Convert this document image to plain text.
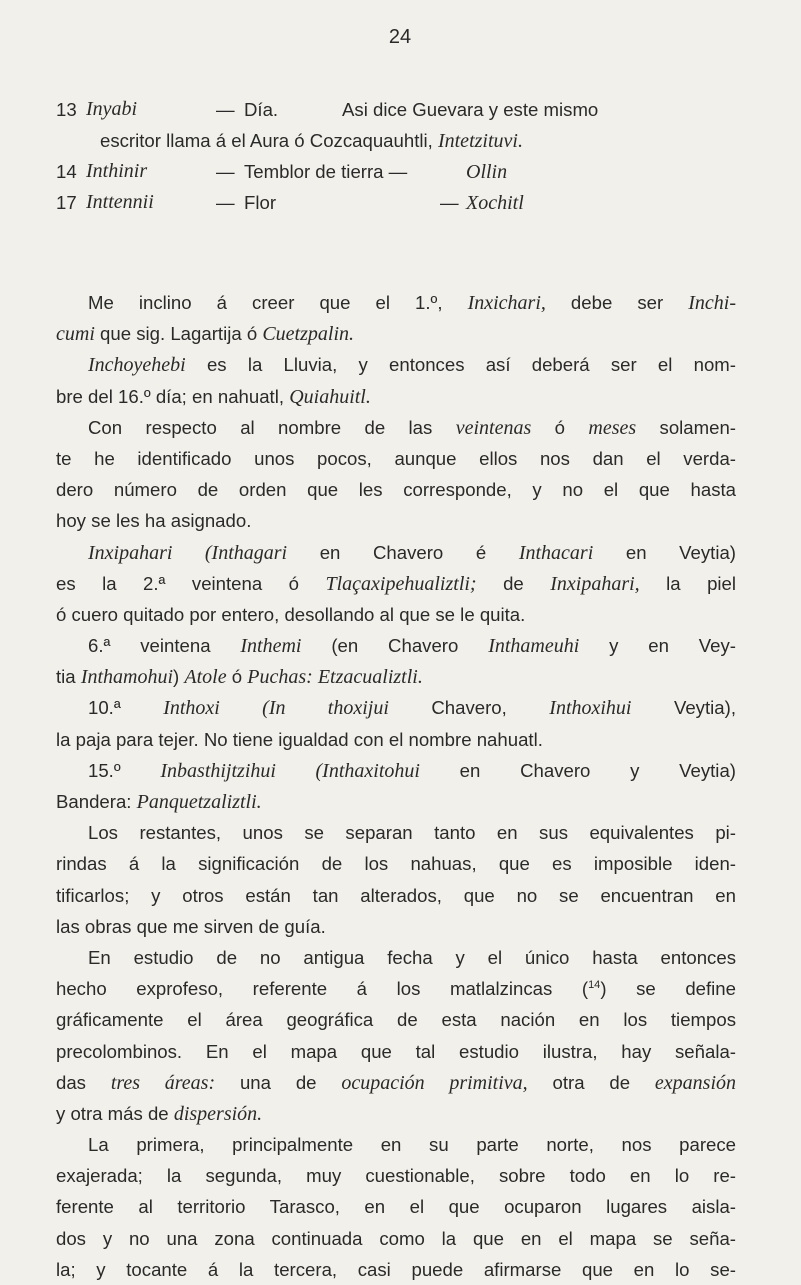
24
13 Inyabi	— Día.	Asi dice Guevara y este mismo
escritor llama á el Aura ó Cozcaquauhtli, Intetzituvi.
14 Inthinir	— Temblor de tierra —	Ollin
17 Inttennii	— Flor	— Xochitl
Me inclino á creer que el 1.º, Inxichari, debe ser Inchi-
cumi que sig. Lagartija ó Cuetzpalin.
Inchoyehebi es la Lluvia, y entonces así deberá ser el nom-
bre del 16.º día; en nahuatl, Quiahuitl.
Con respecto al nombre de las veintenas ó meses solamen-
te he identificado unos pocos, aunque ellos nos dan el verda-
dero número de orden que les corresponde, y no el que hasta
hoy se les ha asignado.
Inxipahari (Inthagari en Chavero é Inthacari en Veytia)
es la 2.ª veintena ó Tlaçaxipehualiztli; de Inxipahari, la piel
ó cuero quitado por entero, desollando al que se le quita.
6.ª veintena Inthemi (en Chavero Inthameuhi y en Vey-
tia Inthamohui) Atole ó Puchas: Etzacualiztli.
10.ª Inthoxi (In thoxijui Chavero, Inthoxihui Veytia),
la paja para tejer. No tiene igualdad con el nombre nahuatl.
15.º Inbasthijtzihui (Inthaxitohui en Chavero y Veytia)
Bandera: Panquetzaliztli.
Los restantes, unos se separan tanto en sus equivalentes pi-
rindas á la significación de los nahuas, que es imposible iden-
tificarlos; y otros están tan alterados, que no se encuentran en
las obras que me sirven de guía.
En estudio de no antigua fecha y el único hasta entonces
hecho exprofeso, referente á los matlalzincas ($^{14}$) se define
gráficamente el área geográfica de esta nación en los tiempos
precolombinos. En el mapa que tal estudio ilustra, hay señala-
das tres áreas: una de ocupación primitiva, otra de expansión
y otra más de dispersión.
La primera, principalmente en su parte norte, nos parece
exajerada; la segunda, muy cuestionable, sobre todo en lo re-
ferente al territorio Tarasco, en el que ocuparon lugares aisla-
dos y no una zona continuada como la que en el mapa se seña-
la; y tocante á la tercera, casi puede afirmarse que en lo se-
